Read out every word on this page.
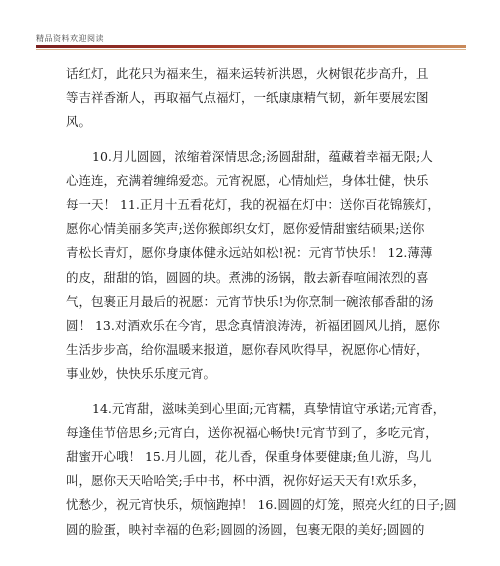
精品资料欢迎阅读

话红灯，此花只为福来生，福来运转祈洪恩，火树银花步高升，且
等吉祥香渐人，再取福气点福灯，一纸康康精气韧，新年要展宏图
风。

10.月儿圆圆，浓缩着深情思念;汤圆甜甜，蕴藏着幸福无限;人
心连连，充满着缠绵爱恋。元宵祝愿，心情灿烂，身体壮健，快乐
每一天！ 11.正月十五看花灯，我的祝福在灯中：送你百花锦簇灯，
愿你心情美丽多笑声;送你猴郎织女灯，愿你爱情甜蜜结硕果;送你
青松长青灯，愿你身康体健永远站如松!祝：元宵节快乐！ 12.薄薄
的皮，甜甜的馅，圆圆的块。煮沸的汤锅，散去新春喧闹浓烈的喜
气，包裹正月最后的祝愿：元宵节快乐!为你烹制一碗浓郁香甜的汤
圆！ 13.对酒欢乐在今宵，思念真情浪涛涛，祈福团圆风儿捎，愿你
生活步步高，给你温暖来报道，愿你春风吹得早，祝愿你心情好，
事业妙，快快乐乐度元宵。

14.元宵甜，滋味美到心里面;元宵糯，真挚情谊守承诺;元宵香，
每逢佳节倍思乡;元宵白，送你祝福心畅快!元宵节到了，多吃元宵，
甜蜜开心哦！ 15.月儿圆，花儿香，保重身体要健康;鱼儿游，鸟儿
叫，愿你天天哈哈笑;手中书，杯中酒，祝你好运天天有!欢乐多，
忧愁少，祝元宵快乐，烦恼跑掉！ 16.圆圆的灯笼，照亮火红的日子;圆
圆的脸蛋，映衬幸福的色彩;圆圆的汤圆，包裹无限的美好;圆圆的
